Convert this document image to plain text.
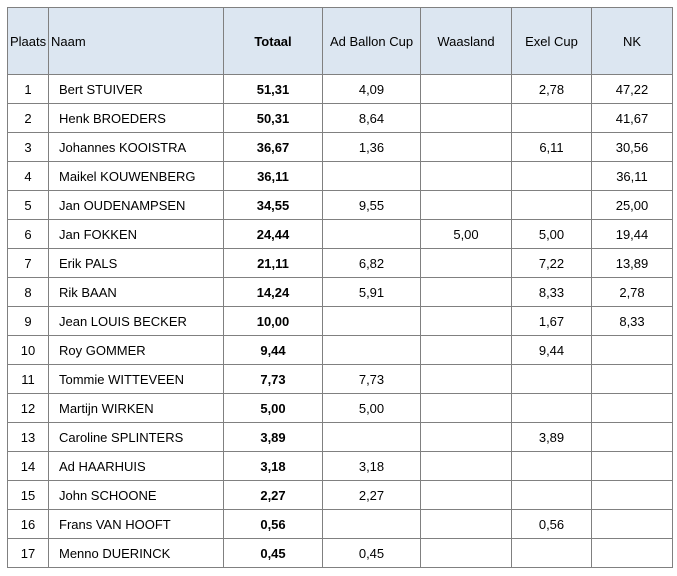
Plaats	Naam	Totaal	Ad Ballon Cup	Waasland	Exel Cup	NK
1	Bert STUIVER	51,31	4,09		2,78	47,22
2	Henk BROEDERS	50,31	8,64			41,67
3	Johannes KOOISTRA	36,67	1,36		6,11	30,56
4	Maikel KOUWENBERG	36,11				36,11
5	Jan OUDENAMPSEN	34,55	9,55			25,00
6	Jan FOKKEN	24,44		5,00	5,00	19,44
7	Erik PALS	21,11	6,82		7,22	13,89
8	Rik BAAN	14,24	5,91		8,33	2,78
9	Jean LOUIS BECKER	10,00			1,67	8,33
10	Roy GOMMER	9,44			9,44	
11	Tommie WITTEVEEN	7,73	7,73			
12	Martijn WIRKEN	5,00	5,00			
13	Caroline SPLINTERS	3,89			3,89	
14	Ad HAARHUIS	3,18	3,18			
15	John SCHOONE	2,27	2,27			
16	Frans VAN HOOFT	0,56			0,56	
17	Menno DUERINCK	0,45	0,45			
